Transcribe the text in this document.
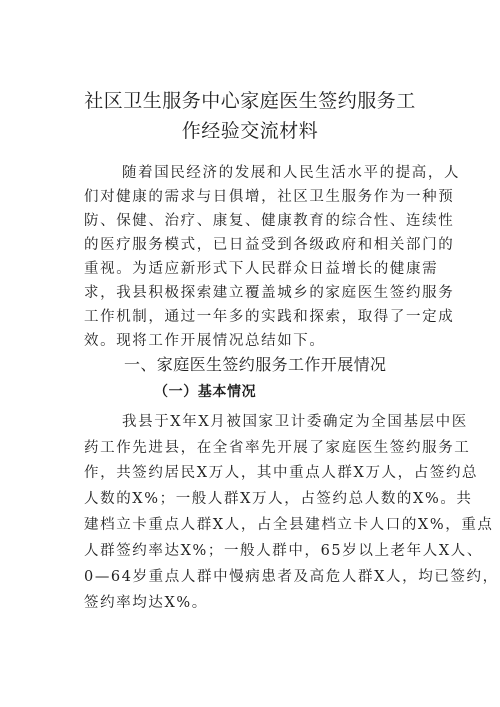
社区卫生服务中心家庭医生签约服务工
作经验交流材料

随着国民经济的发展和人民生活水平的提高，人

们对健康的需求与日俱增，社区卫生服务作为一种预

防、保健、治疗、康复、健康教育的综合性、连续性

的医疗服务模式，已日益受到各级政府和相关部门的

重视。为适应新形式下人民群众日益增长的健康需

求，我县积极探索建立覆盖城乡的家庭医生签约服务

工作机制，通过一年多的实践和探索，取得了一定成

效。现将工作开展情况总结如下。

一、家庭医生签约服务工作开展情况
（一）基本情况

我县于X年X月被国家卫计委确定为全国基层中医

药工作先进县，在全省率先开展了家庭医生签约服务工

作，共签约居民X万人，其中重点人群X万人，占签约总

人数的X%；一般人群X万人，占签约总人数的X%。共

建档立卡重点人群X人，占全县建档立卡人口的X%，重点

人群签约率达X%；一般人群中，65岁以上老年人X人、

0—64岁重点人群中慢病患者及高危人群X人，均已签约，

签约率均达X%。
